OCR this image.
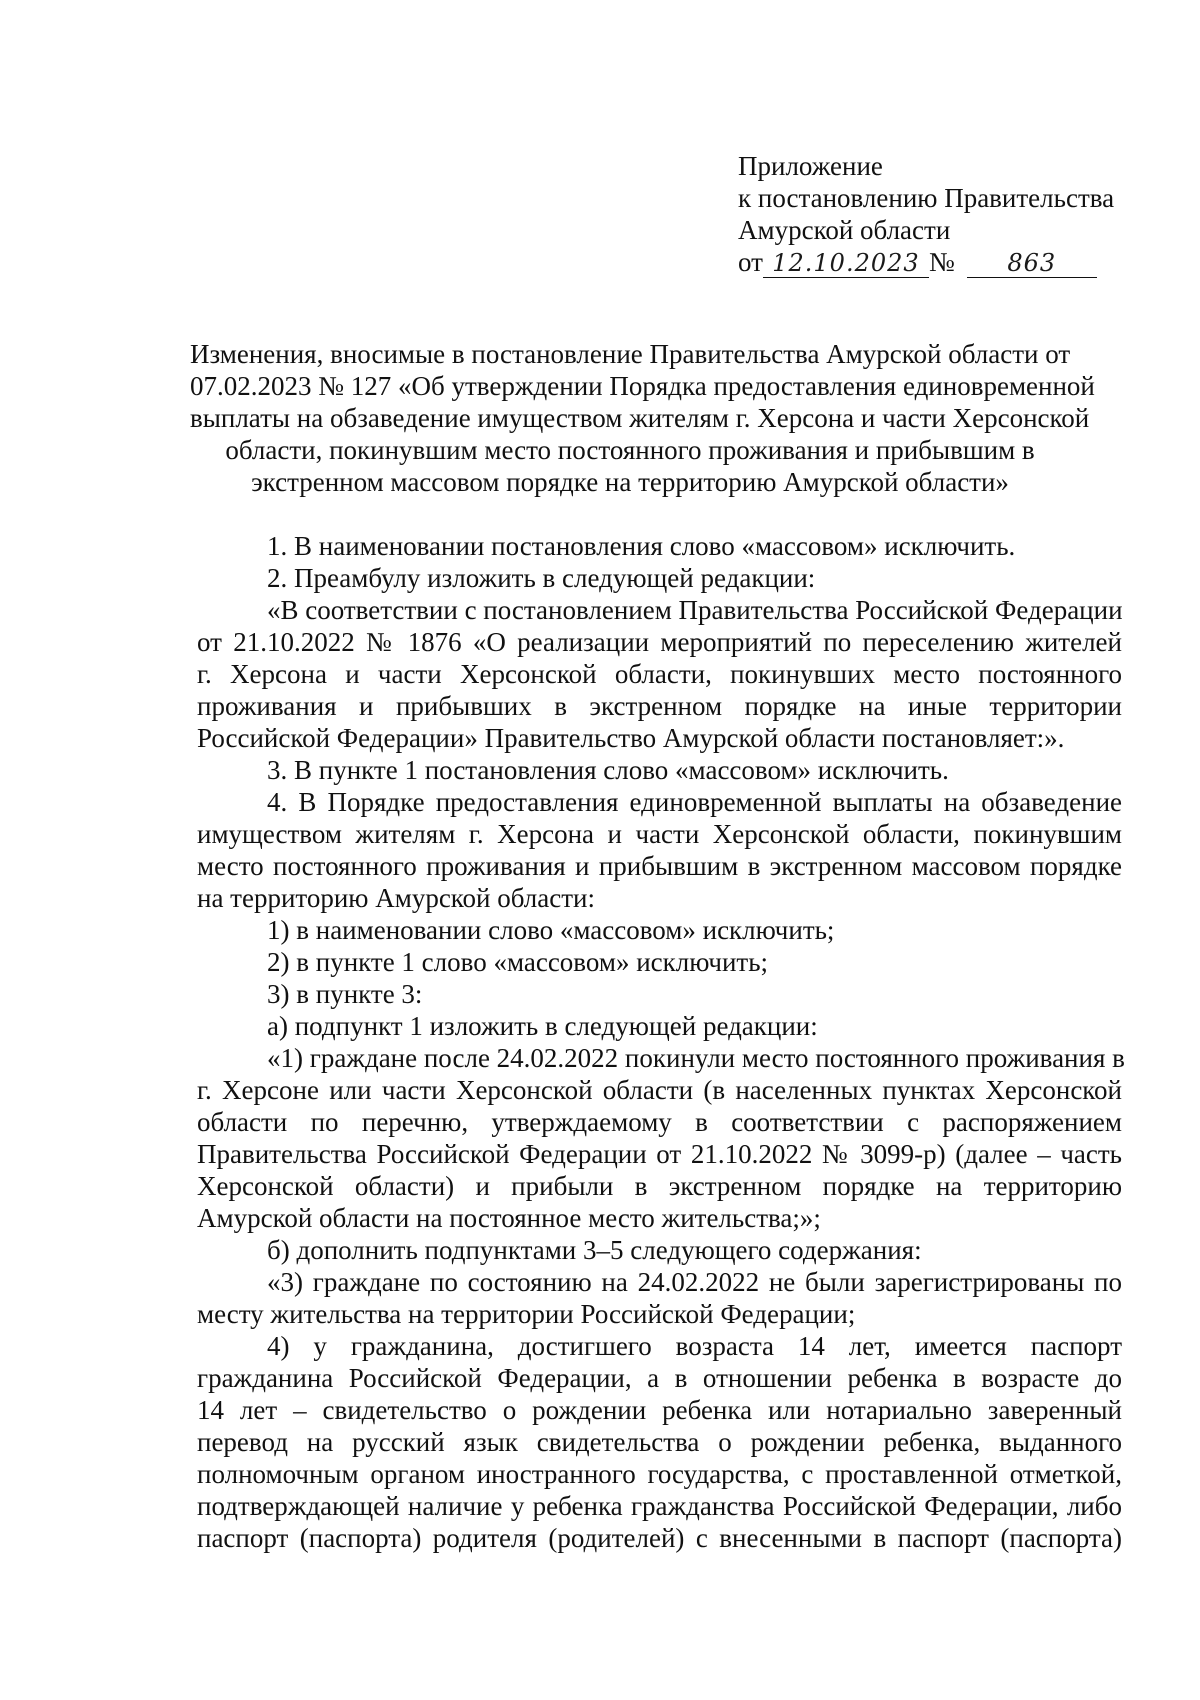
Приложение
к постановлению Правительства
Амурской области
от 12.10.2023 № 863
Изменения, вносимые в постановление Правительства Амурской области от
07.02.2023 № 127 «Об утверждении Порядка предоставления единовременной
выплаты на обзаведение имуществом жителям г. Херсона и части Херсонской
области, покинувшим место постоянного проживания и прибывшим в
экстренном массовом порядке на территорию Амурской области»
1. В наименовании постановления слово «массовом» исключить.
2. Преамбулу изложить в следующей редакции:
«В соответствии с постановлением Правительства Российской Федерации
от 21.10.2022 № 1876 «О реализации мероприятий по переселению жителей
г. Херсона и части Херсонской области, покинувших место постоянного
проживания и прибывших в экстренном порядке на иные территории
Российской Федерации» Правительство Амурской области постановляет:».
3. В пункте 1 постановления слово «массовом» исключить.
4. В Порядке предоставления единовременной выплаты на обзаведение
имуществом жителям г. Херсона и части Херсонской области, покинувшим
место постоянного проживания и прибывшим в экстренном массовом порядке
на территорию Амурской области:
1) в наименовании слово «массовом» исключить;
2) в пункте 1 слово «массовом» исключить;
3) в пункте 3:
а) подпункт 1 изложить в следующей редакции:
«1) граждане после 24.02.2022 покинули место постоянного проживания в
г. Херсоне или части Херсонской области (в населенных пунктах Херсонской
области по перечню, утверждаемому в соответствии с распоряжением
Правительства Российской Федерации от 21.10.2022 № 3099-р) (далее – часть
Херсонской области) и прибыли в экстренном порядке на территорию
Амурской области на постоянное место жительства;»;
б) дополнить подпунктами 3–5 следующего содержания:
«3) граждане по состоянию на 24.02.2022 не были зарегистрированы по
месту жительства на территории Российской Федерации;
4) у гражданина, достигшего возраста 14 лет, имеется паспорт
гражданина Российской Федерации, а в отношении ребенка в возрасте до
14 лет – свидетельство о рождении ребенка или нотариально заверенный
перевод на русский язык свидетельства о рождении ребенка, выданного
полномочным органом иностранного государства, с проставленной отметкой,
подтверждающей наличие у ребенка гражданства Российской Федерации, либо
паспорт (паспорта) родителя (родителей) с внесенными в паспорт (паспорта)
